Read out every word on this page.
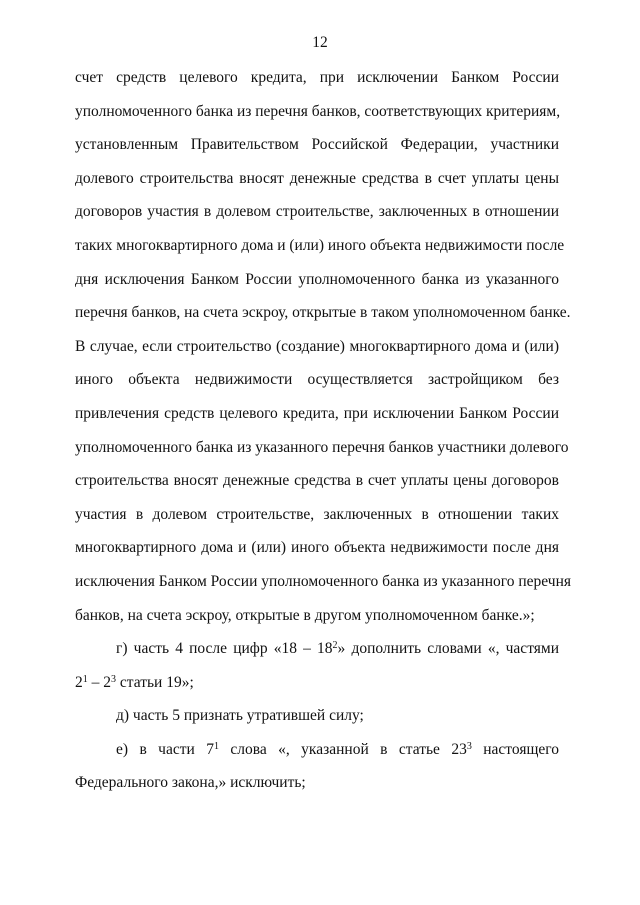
12
счет средств целевого кредита, при исключении Банком России
уполномоченного банка из перечня банков, соответствующих критериям,
установленным Правительством Российской Федерации, участники
долевого строительства вносят денежные средства в счет уплаты цены
договоров участия в долевом строительстве, заключенных в отношении
таких многоквартирного дома и (или) иного объекта недвижимости после
дня исключения Банком России уполномоченного банка из указанного
перечня банков, на счета эскроу, открытые в таком уполномоченном банке.
В случае, если строительство (создание) многоквартирного дома и (или)
иного объекта недвижимости осуществляется застройщиком без
привлечения средств целевого кредита, при исключении Банком России
уполномоченного банка из указанного перечня банков участники долевого
строительства вносят денежные средства в счет уплаты цены договоров
участия в долевом строительстве, заключенных в отношении таких
многоквартирного дома и (или) иного объекта недвижимости после дня
исключения Банком России уполномоченного банка из указанного перечня
банков, на счета эскроу, открытые в другом уполномоченном банке.»;
г) часть 4 после цифр «$18 - 18^2$» дополнить словами «, частями
$2^1 - 2^3$ статьи 19»;
д) часть 5 признать утратившей силу;
е) в части $7^1$ слова «, указанной в статье $23^3$ настоящего
Федерального закона,» исключить;
